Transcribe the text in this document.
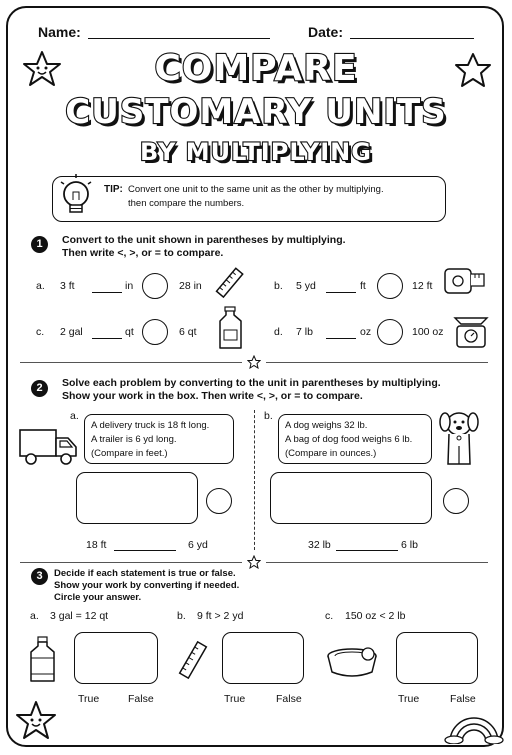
Name:	Date:
COMPARE
CUSTOMARY UNITS
BY MULTIPLYING
TIP: Convert one unit to the same unit as the other by multiplying.
then compare the numbers.
1	Convert to the unit shown in parentheses by multiplying.
Then write <, >, or = to compare.
a. 3 ft	in	28 in	b. 5 yd	ft	12 ft
c. 2 gal	qt	6 qt	d. 7 lb	oz	100 oz
2	Solve each problem by converting to the unit in parentheses by multiplying.
Show your work in the box. Then write <, >, or = to compare.
a.
A delivery truck is 18 ft long.
A trailer is 6 yd long.
(Compare in feet.)
18 ft	6 yd
b.
A dog weighs 32 lb.
A bag of dog food weighs 6 lb.
(Compare in ounces.)
32 lb	6 lb
3	Decide if each statement is true or false.
Show your work by converting if needed.
Circle your answer.
a. 3 gal = 12 qt
True	False
b. 9 ft > 2 yd
True	False
c. 150 oz < 2 lb
True	False
